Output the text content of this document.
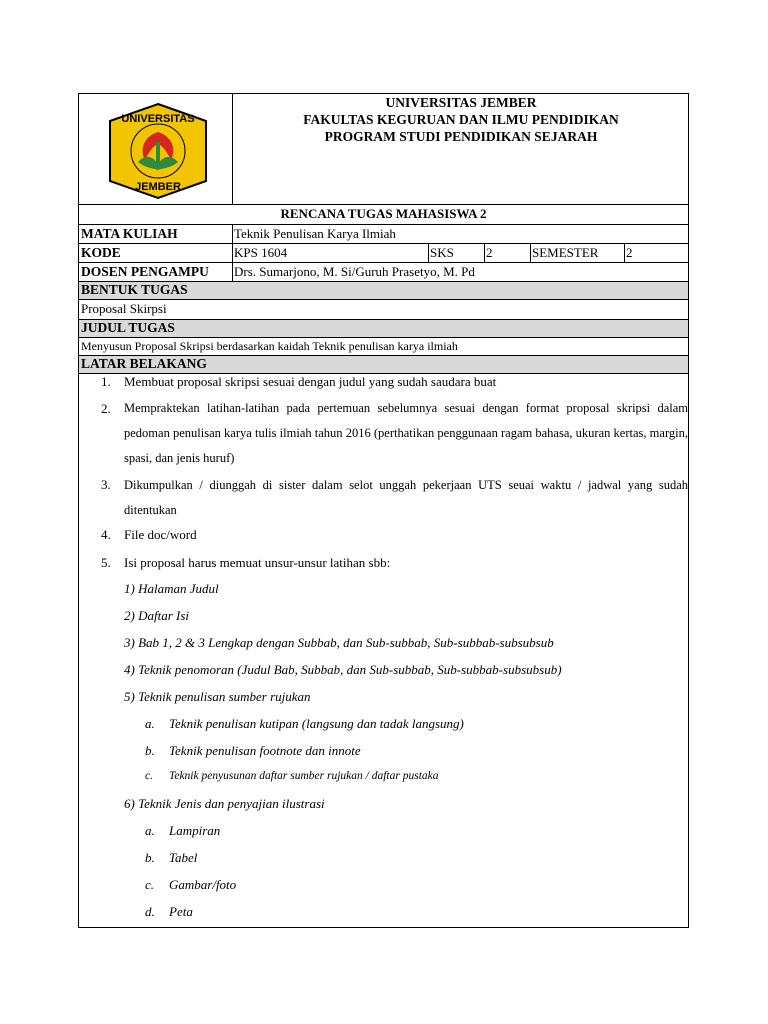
UNIVERSITAS
JEMBER
UNIVERSITAS JEMBER
FAKULTAS KEGURUAN DAN ILMU PENDIDIKAN
PROGRAM STUDI PENDIDIKAN SEJARAH
RENCANA TUGAS MAHASISWA 2
MATA KULIAH	Teknik Penulisan Karya Ilmiah
KODE	KPS 1604	SKS 2	SEMESTER 2
DOSEN PENGAMPU Drs. Sumarjono, M. Si/Guruh Prasetyo, M. Pd
BENTUK TUGAS
Proposal Skirpsi
JUDUL TUGAS
Menyusun Proposal Skripsi berdasarkan kaidah Teknik penulisan karya ilmiah
LATAR BELAKANG
1. Membuat proposal skripsi sesuai dengan judul yang sudah saudara buat
2. Mempraktekan latihan-latihan pada pertemuan sebelumnya sesuai dengan format proposal skripsi dalam pedoman penulisan karya tulis ilmiah tahun 2016 (perthatikan penggunaan ragam bahasa, ukuran kertas, margin, spasi, dan jenis huruf)
3. Dikumpulkan / diunggah di sister dalam selot unggah pekerjaan UTS seuai waktu / jadwal yang sudah ditentukan
4. File doc/word
5. Isi proposal harus memuat unsur-unsur latihan sbb:
1) Halaman Judul
2) Daftar Isi
3) Bab 1, 2 & 3 Lengkap dengan Subbab, dan Sub-subbab, Sub-subbab-subsubsub
4) Teknik penomoran (Judul Bab, Subbab, dan Sub-subbab, Sub-subbab-subsubsub)
5) Teknik penulisan sumber rujukan
a. Teknik penulisan kutipan (langsung dan tadak langsung)
b. Teknik penulisan footnote dan innote
c. Teknik penyusunan daftar sumber rujukan / daftar pustaka
6) Teknik Jenis dan penyajian ilustrasi
a. Lampiran
b. Tabel
c. Gambar/foto
d. Peta
